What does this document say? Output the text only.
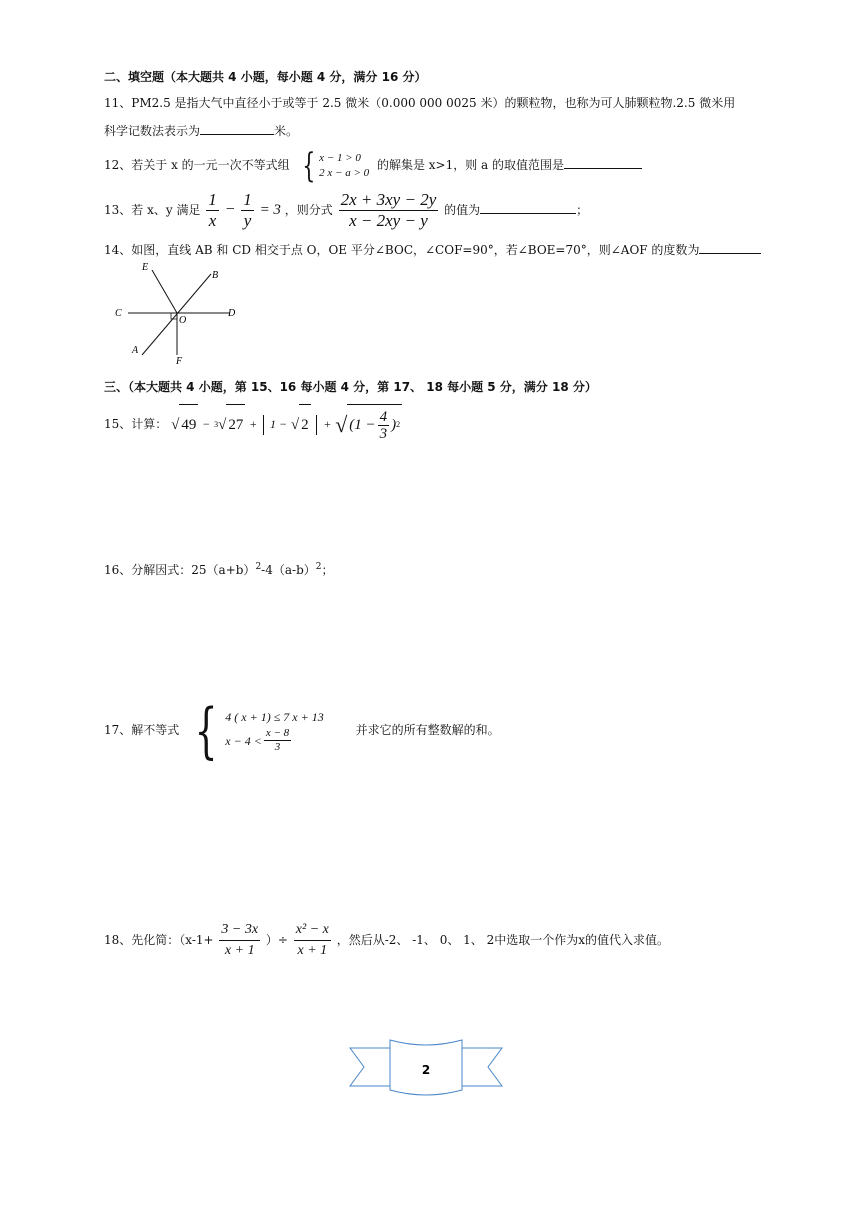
二、填空题（本大题共 4 小题，每小题 4 分，满分 16 分）
11、PM2.5 是指大气中直径小于或等于 2.5 微米（0.000 000 0025 米）的颗粒物，也称为可人肺颗粒物.2.5 微米用
科学记数法表示为	米。
12、若关于 x 的一元一次不等式组 { x − 1 > 0
2 x − a > 0
的解集是 x>1，则 a 的取值范围是
13、若 x、y 满足 $\frac{1}{x} - \frac{1}{y} = 3$ ，则分式 $\frac{2x + 3xy - 2y}{x - 2xy - y}$ 的值为	；
14、如图，直线 AB 和 CD 相交于点 O，OE 平分∠BOC，∠COF=90°，若∠BOE=70°，则∠AOF 的度数为
E
B
C
O
D
A
F
三、（本大题共 4 小题，第 15、16 每小题 4 分，第 17、 18 每小题 5 分，满分 18 分）
15、计算： √ 49 − 3 √ 27 + 1 − √ 2 + √ ($1 - \frac{4}{3}$ ) 2
16、分解因式：$25(a+b)^2-4(a-b)^2$；
17、解不等式 { 4 ( x + 1) ≤ 7 x + 13
$x - 4 < \frac{x - 8}{3}$	并求它的所有整数解的和。
18、先化简：（$x-1+ \frac{3 - 3x}{x + 1}$ ）÷ $\frac{\text{x² − x}}{x + 1}$ ，然后从-2、 -1、 0、 1、 2中选取一个作为x的值代入求值。
2
